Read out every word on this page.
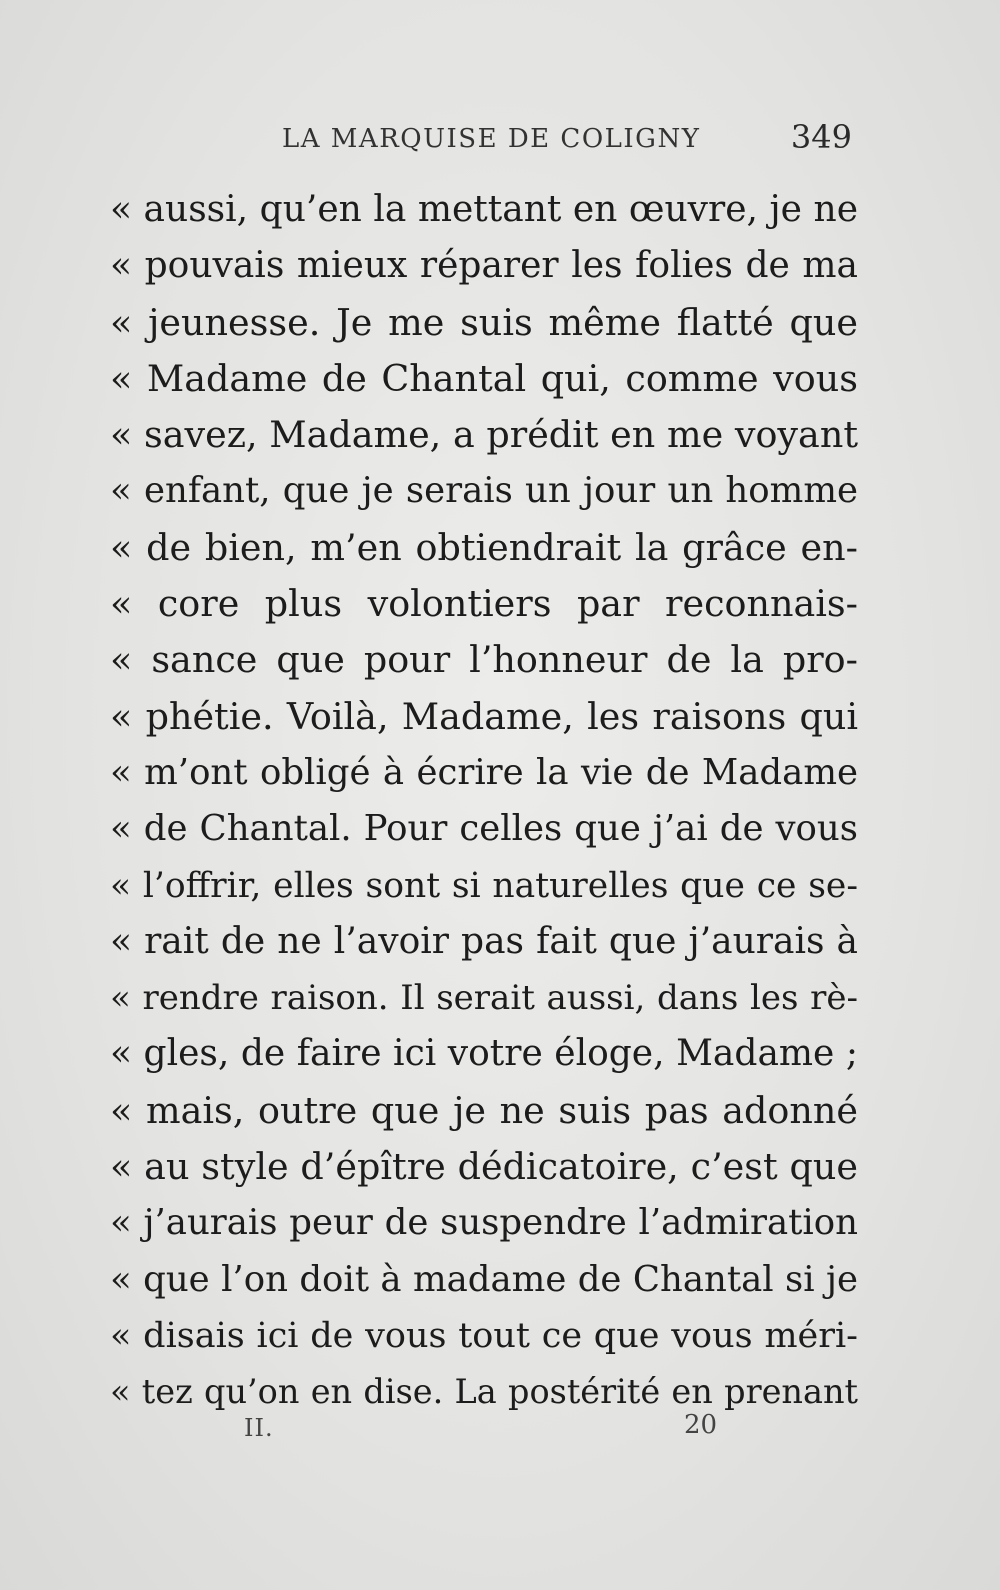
LA MARQUISE DE COLIGNY	349
« aussi, qu’en la mettant en œuvre, je ne
« pouvais mieux réparer les folies de ma
« jeunesse. Je me suis même flatté que
« Madame de Chantal qui, comme vous
« savez, Madame, a prédit en me voyant
« enfant, que je serais un jour un homme
« de bien, m’en obtiendrait la grâce en-
« core plus volontiers par reconnais-
« sance que pour l’honneur de la pro-
« phétie. Voilà, Madame, les raisons qui
« m’ont obligé à écrire la vie de Madame
« de Chantal. Pour celles que j’ai de vous
« l’offrir, elles sont si naturelles que ce se-
« rait de ne l’avoir pas fait que j’aurais à
« rendre raison. Il serait aussi, dans les rè-
« gles, de faire ici votre éloge, Madame ;
« mais, outre que je ne suis pas adonné
« au style d’épître dédicatoire, c’est que
« j’aurais peur de suspendre l’admiration
« que l’on doit à madame de Chantal si je
« disais ici de vous tout ce que vous méri-
« tez qu’on en dise. La postérité en prenant
II.	20
